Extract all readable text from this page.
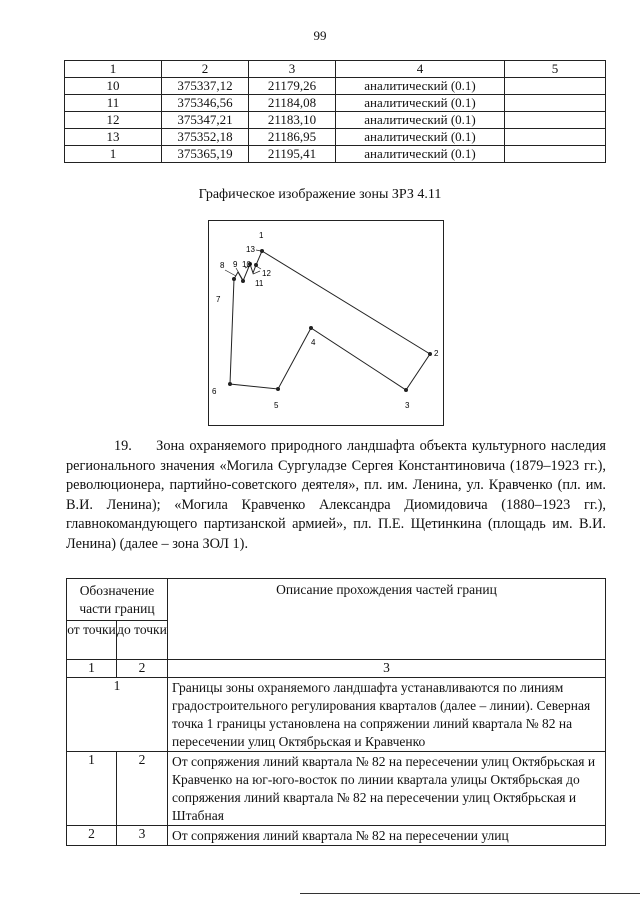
99
1	2	3	4	5
10	375337,12	21179,26	аналитический (0.1)	
11	375346,56	21184,08	аналитический (0.1)	
12	375347,21	21183,10	аналитический (0.1)	
13	375352,18	21186,95	аналитический (0.1)	
1	375365,19	21195,41	аналитический (0.1)	
Графическое изображение зоны ЗРЗ 4.11
1
2
3
4
5
6
7
8 9 10
11
12
13
19. Зона охраняемого природного ландшафта объекта культурного наследия регионального значения «Могила Сургуладзе Сергея Константиновича (1879–1923 гг.), революционера, партийно-советского деятеля», пл. им. Ленина, ул. Кравченко (пл. им. В.И. Ленина); «Могила Кравченко Александра Диомидовича (1880–1923 гг.), главнокомандующего партизанской армией», пл. П.Е. Щетинкина (площадь им. В.И. Ленина) (далее – зона ЗОЛ 1).
Обозначение части границ		Описание прохождения частей границ
от точки	до точки	
1	2	3
1		Границы зоны охраняемого ландшафта устанавливаются по линиям градостроительного регулирования кварталов (далее – линии). Северная точка 1 границы установлена на сопряжении линий квартала № 82 на пересечении улиц Октябрьская и Кравченко
1	2	От сопряжения линий квартала № 82 на пересечении улиц Октябрьская и Кравченко на юг-юго-восток по линии квартала улицы Октябрьская до сопряжения линий квартала № 82 на пересечении улиц Октябрьская и Штабная
2	3	От сопряжения линий квартала № 82 на пересечении улиц
